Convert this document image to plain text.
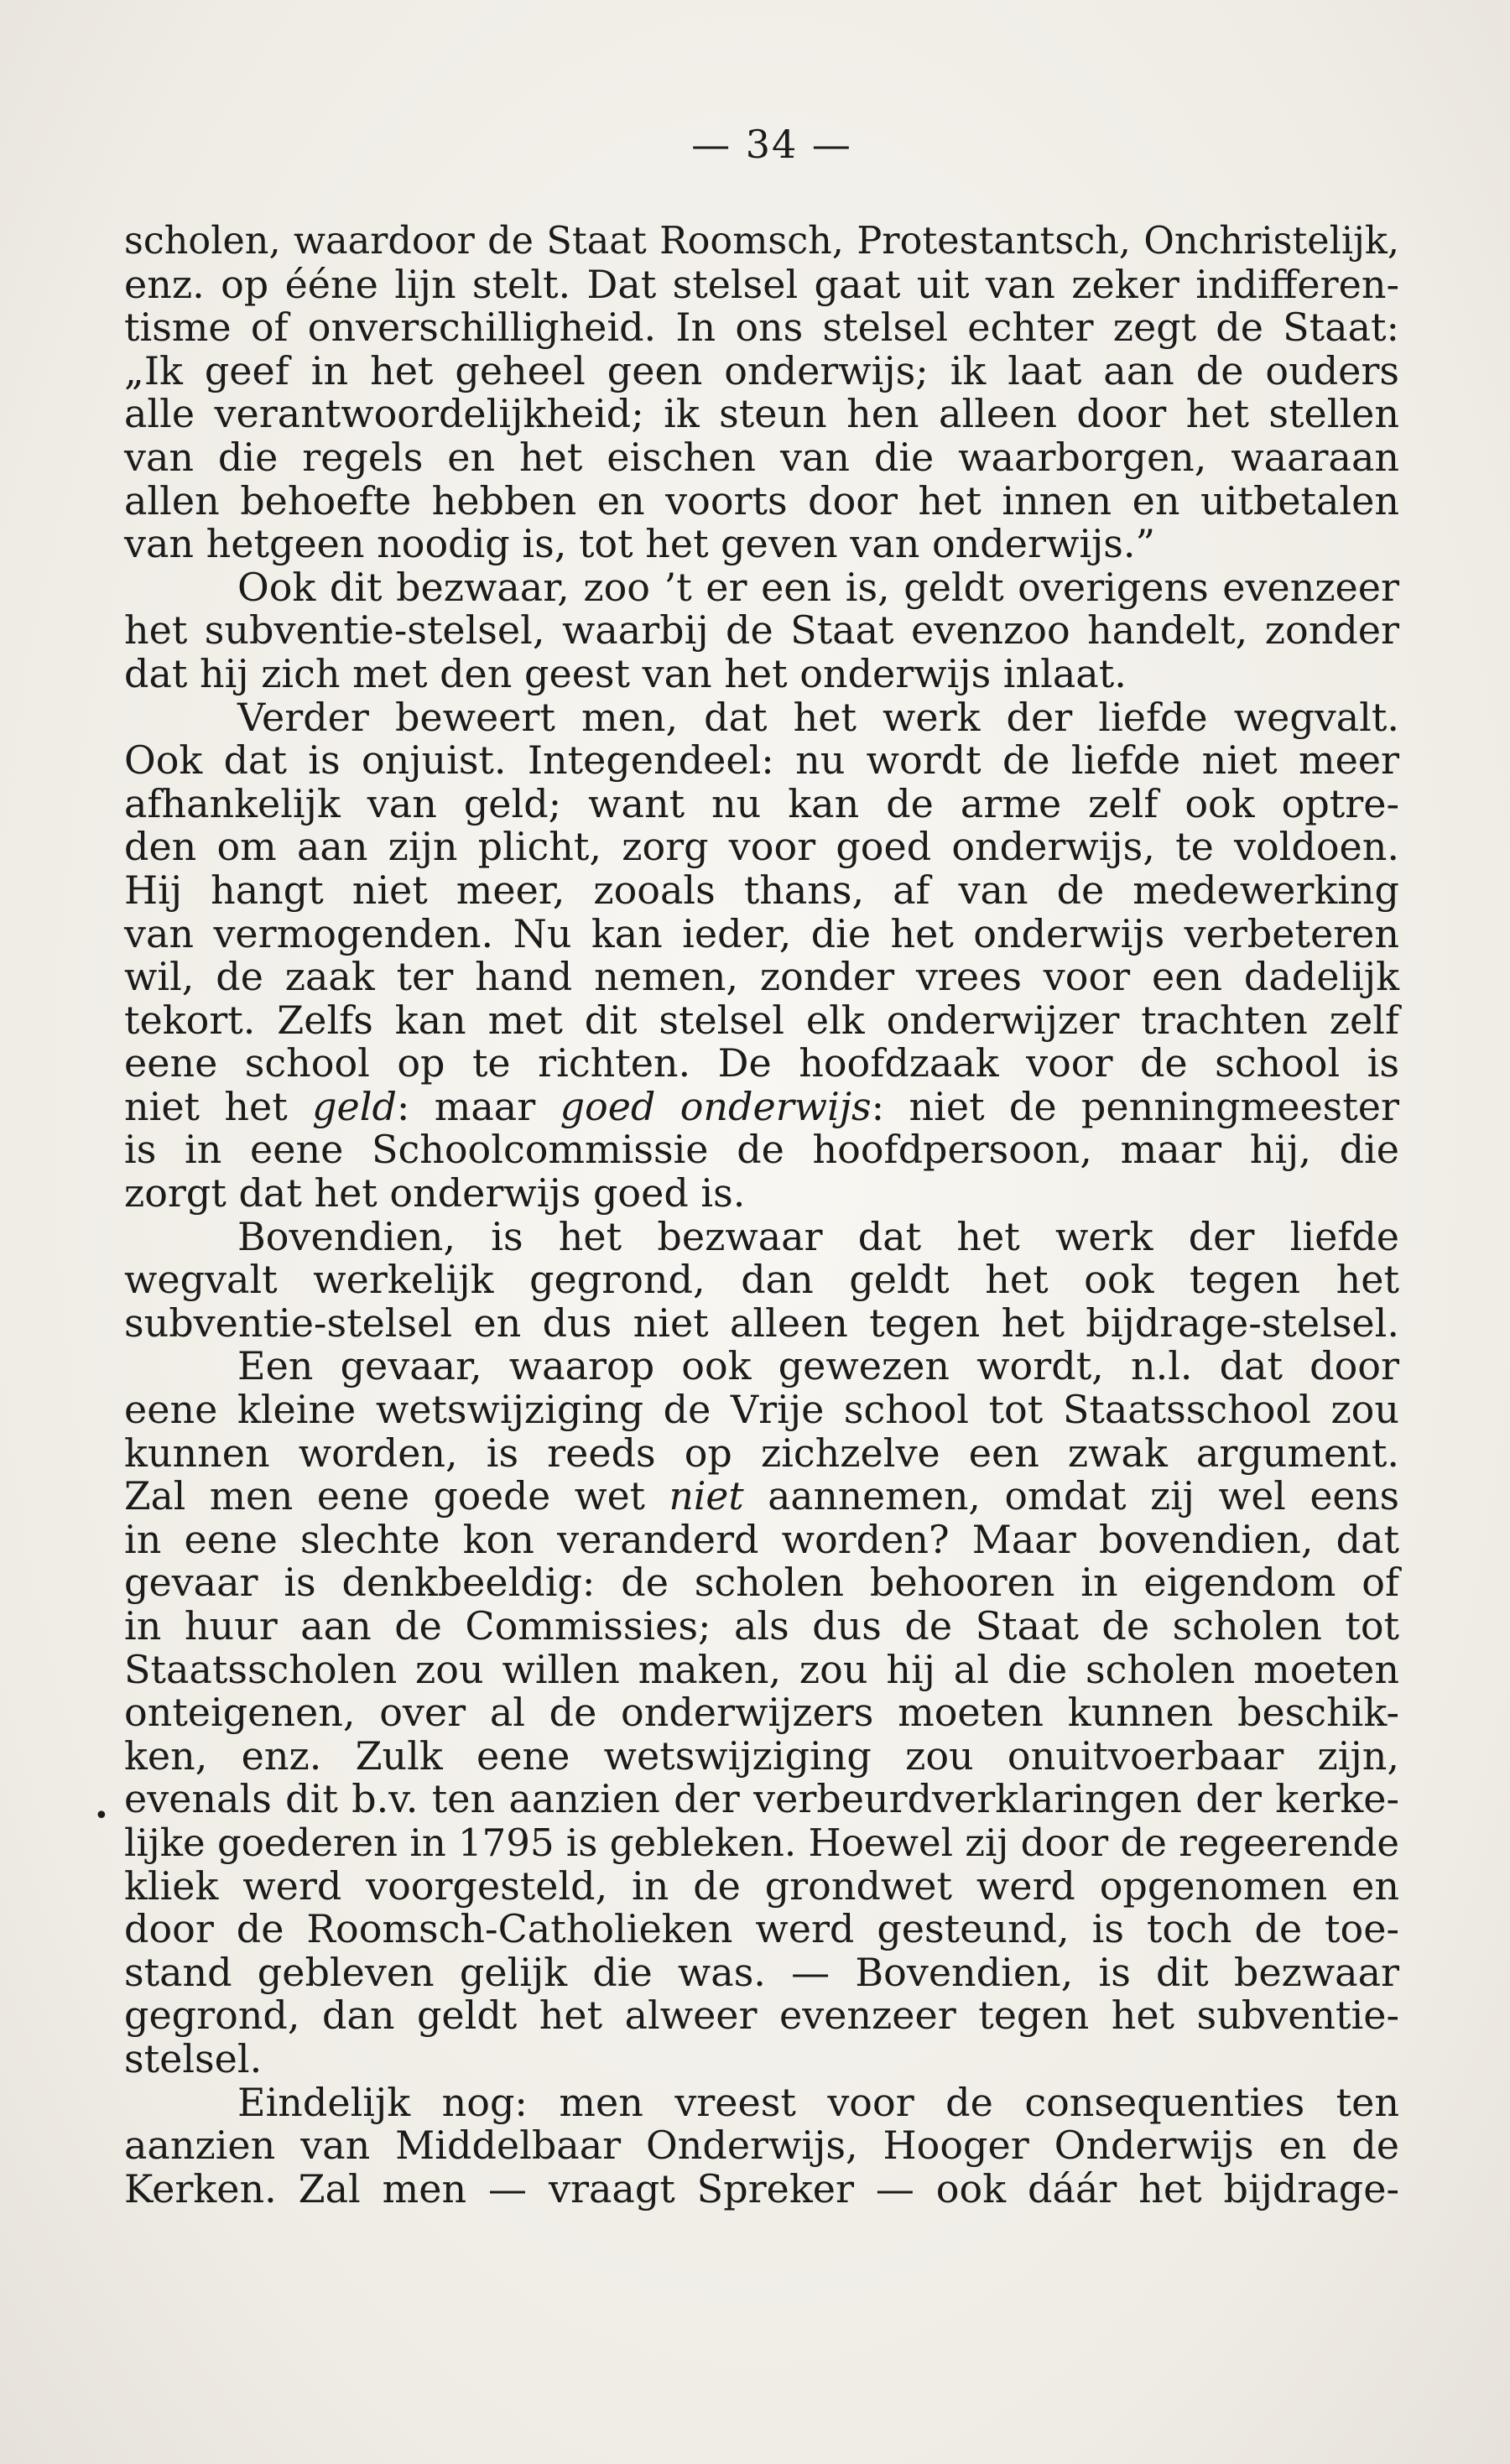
— 34 —
•
scholen, waardoor de Staat Roomsch, Protestantsch, Onchristelijk,
enz. op ééne lijn stelt. Dat stelsel gaat uit van zeker indifferen-
tisme of onverschilligheid. In ons stelsel echter zegt de Staat:
„Ik geef in het geheel geen onderwijs; ik laat aan de ouders
alle verantwoordelijkheid; ik steun hen alleen door het stellen
van die regels en het eischen van die waarborgen, waaraan
allen behoefte hebben en voorts door het innen en uitbetalen
van hetgeen noodig is, tot het geven van onderwijs.”
Ook dit bezwaar, zoo ’t er een is, geldt overigens evenzeer
het subventie-stelsel, waarbij de Staat evenzoo handelt, zonder
dat hij zich met den geest van het onderwijs inlaat.
Verder beweert men, dat het werk der liefde wegvalt.
Ook dat is onjuist. Integendeel: nu wordt de liefde niet meer
afhankelijk van geld; want nu kan de arme zelf ook optre-
den om aan zijn plicht, zorg voor goed onderwijs, te voldoen.
Hij hangt niet meer, zooals thans, af van de medewerking
van vermogenden. Nu kan ieder, die het onderwijs verbeteren
wil, de zaak ter hand nemen, zonder vrees voor een dadelijk
tekort. Zelfs kan met dit stelsel elk onderwijzer trachten zelf
eene school op te richten. De hoofdzaak voor de school is
niet het geld: maar goed onderwijs: niet de penningmeester
is in eene Schoolcommissie de hoofdpersoon, maar hij, die
zorgt dat het onderwijs goed is.
Bovendien, is het bezwaar dat het werk der liefde
wegvalt werkelijk gegrond, dan geldt het ook tegen het
subventie-stelsel en dus niet alleen tegen het bijdrage-stelsel.
Een gevaar, waarop ook gewezen wordt, n.l. dat door
eene kleine wetswijziging de Vrije school tot Staatsschool zou
kunnen worden, is reeds op zichzelve een zwak argument.
Zal men eene goede wet niet aannemen, omdat zij wel eens
in eene slechte kon veranderd worden? Maar bovendien, dat
gevaar is denkbeeldig: de scholen behooren in eigendom of
in huur aan de Commissies; als dus de Staat de scholen tot
Staatsscholen zou willen maken, zou hij al die scholen moeten
onteigenen, over al de onderwijzers moeten kunnen beschik-
ken, enz. Zulk eene wetswijziging zou onuitvoerbaar zijn,
evenals dit b.v. ten aanzien der verbeurdverklaringen der kerke-
lijke goederen in 1795 is gebleken. Hoewel zij door de regeerende
kliek werd voorgesteld, in de grondwet werd opgenomen en
door de Roomsch-Catholieken werd gesteund, is toch de toe-
stand gebleven gelijk die was. — Bovendien, is dit bezwaar
gegrond, dan geldt het alweer evenzeer tegen het subventie-
stelsel.
Eindelijk nog: men vreest voor de consequenties ten
aanzien van Middelbaar Onderwijs, Hooger Onderwijs en de
Kerken. Zal men — vraagt Spreker — ook dáár het bijdrage-
